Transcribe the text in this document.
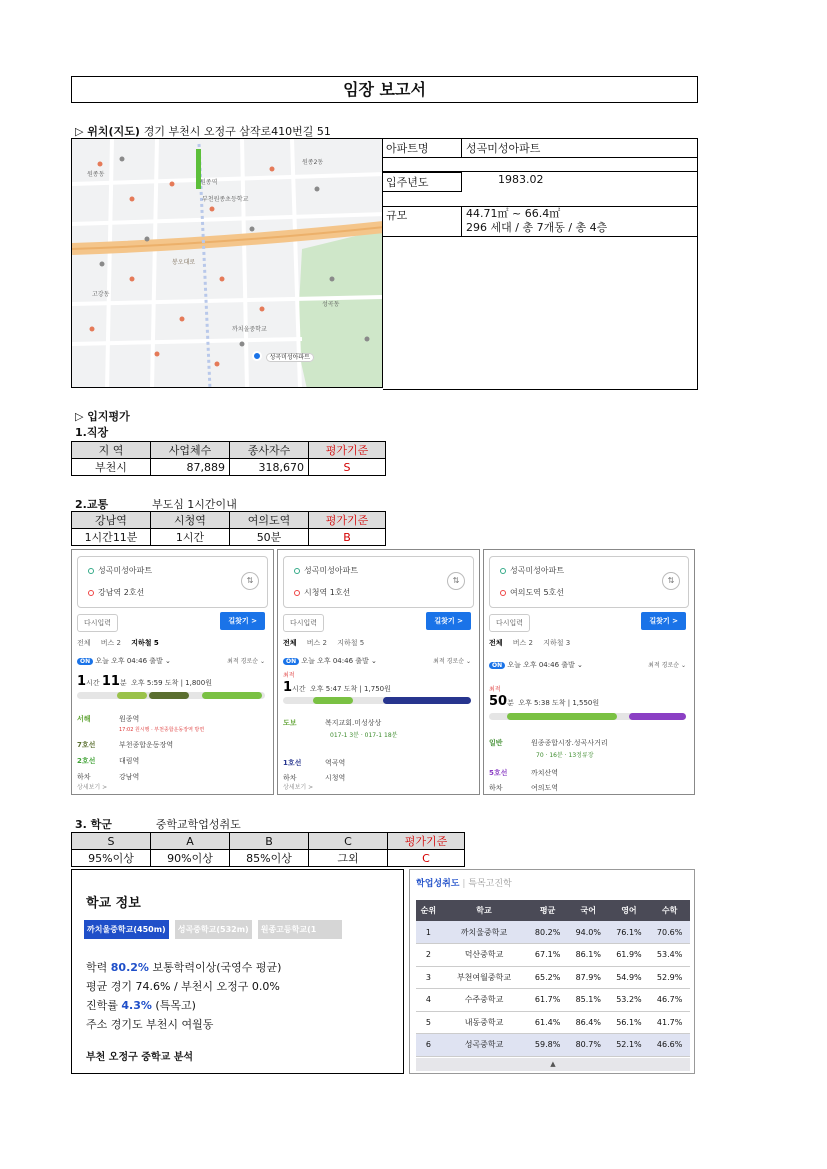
임장 보고서
▷ 위치(지도) 경기 부천시 오정구 삼작로410번길 51
봉오대로
원종동
부천원종초등학교
원종2동
고강동
원종역
까치울중학교
성곡동
성곡미성아파트
아파트명	성곡미성아파트
입주년도	1983.02
규모	44.71㎡ ~ 66.4㎡
296 세대 / 총 7개동 / 총 4층
▷ 입지평가
1.직장
지 역	사업체수	종사자수	평가기준
부천시	87,889	318,670	S
2.교통	부도심 1시간이내
강남역	시청역	여의도역	평가기준
1시간11분	1시간	50분	B
성곡미성아파트
강남역 2호선
⇅
다시입력	길찾기 >
전체 버스 2 지하철 5
ON 오늘 오후 04:46 출발 ⌄	최적 경로순 ⌄
1시간 11분 오후 5:59 도착 | 1,800원
서해	원종역
17:02 원시행 · 부천종합운동장역 방면
7호선	부천종합운동장역
2호선	대림역
하차	강남역
상세보기 >
성곡미성아파트
시청역 1호선
⇅
다시입력	길찾기 >
전체 버스 2 지하철 5
ON 오늘 오후 04:46 출발 ⌄	최적 경로순 ⌄
최적
1시간 오후 5:47 도착 | 1,750원
도보	복지교회.미성상상
017-1 3분 · 017-1 18분
1호선	역곡역
하차	시청역
상세보기 >
성곡미성아파트
여의도역 5호선
⇅
다시입력	길찾기 >
전체 버스 2 지하철 3
ON 오늘 오후 04:46 출발 ⌄	최적 경로순 ⌄
최적
50분 오후 5:38 도착 | 1,550원
일반	원종종합시장.성곡사거리
70 · 16분 · 13정류장
5호선	까치산역
하차	여의도역
3. 학군	중학교학업성취도
S	A	B	C	평가기준
95%이상	90%이상	85%이상	그외	C
학교 정보
까치울중학교(450m)	성곡중학교(532m)	원종고등학교(1
학력 80.2% 보통학력이상(국영수 평균)
평균 경기 74.6% / 부천시 오정구 0.0%
진학률 4.3% (특목고)
주소 경기도 부천시 여월동
부천 오정구 중학교 분석
학업성취도 | 특목고진학
순위	학교	평균	국어	영어	수학
1	까치울중학교	80.2%	94.0%	76.1%	70.6%
2	덕산중학교	67.1%	86.1%	61.9%	53.4%
3	부천여월중학교	65.2%	87.9%	54.9%	52.9%
4	수주중학교	61.7%	85.1%	53.2%	46.7%
5	내동중학교	61.4%	86.4%	56.1%	41.7%
6	성곡중학교	59.8%	80.7%	52.1%	46.6%
▲
